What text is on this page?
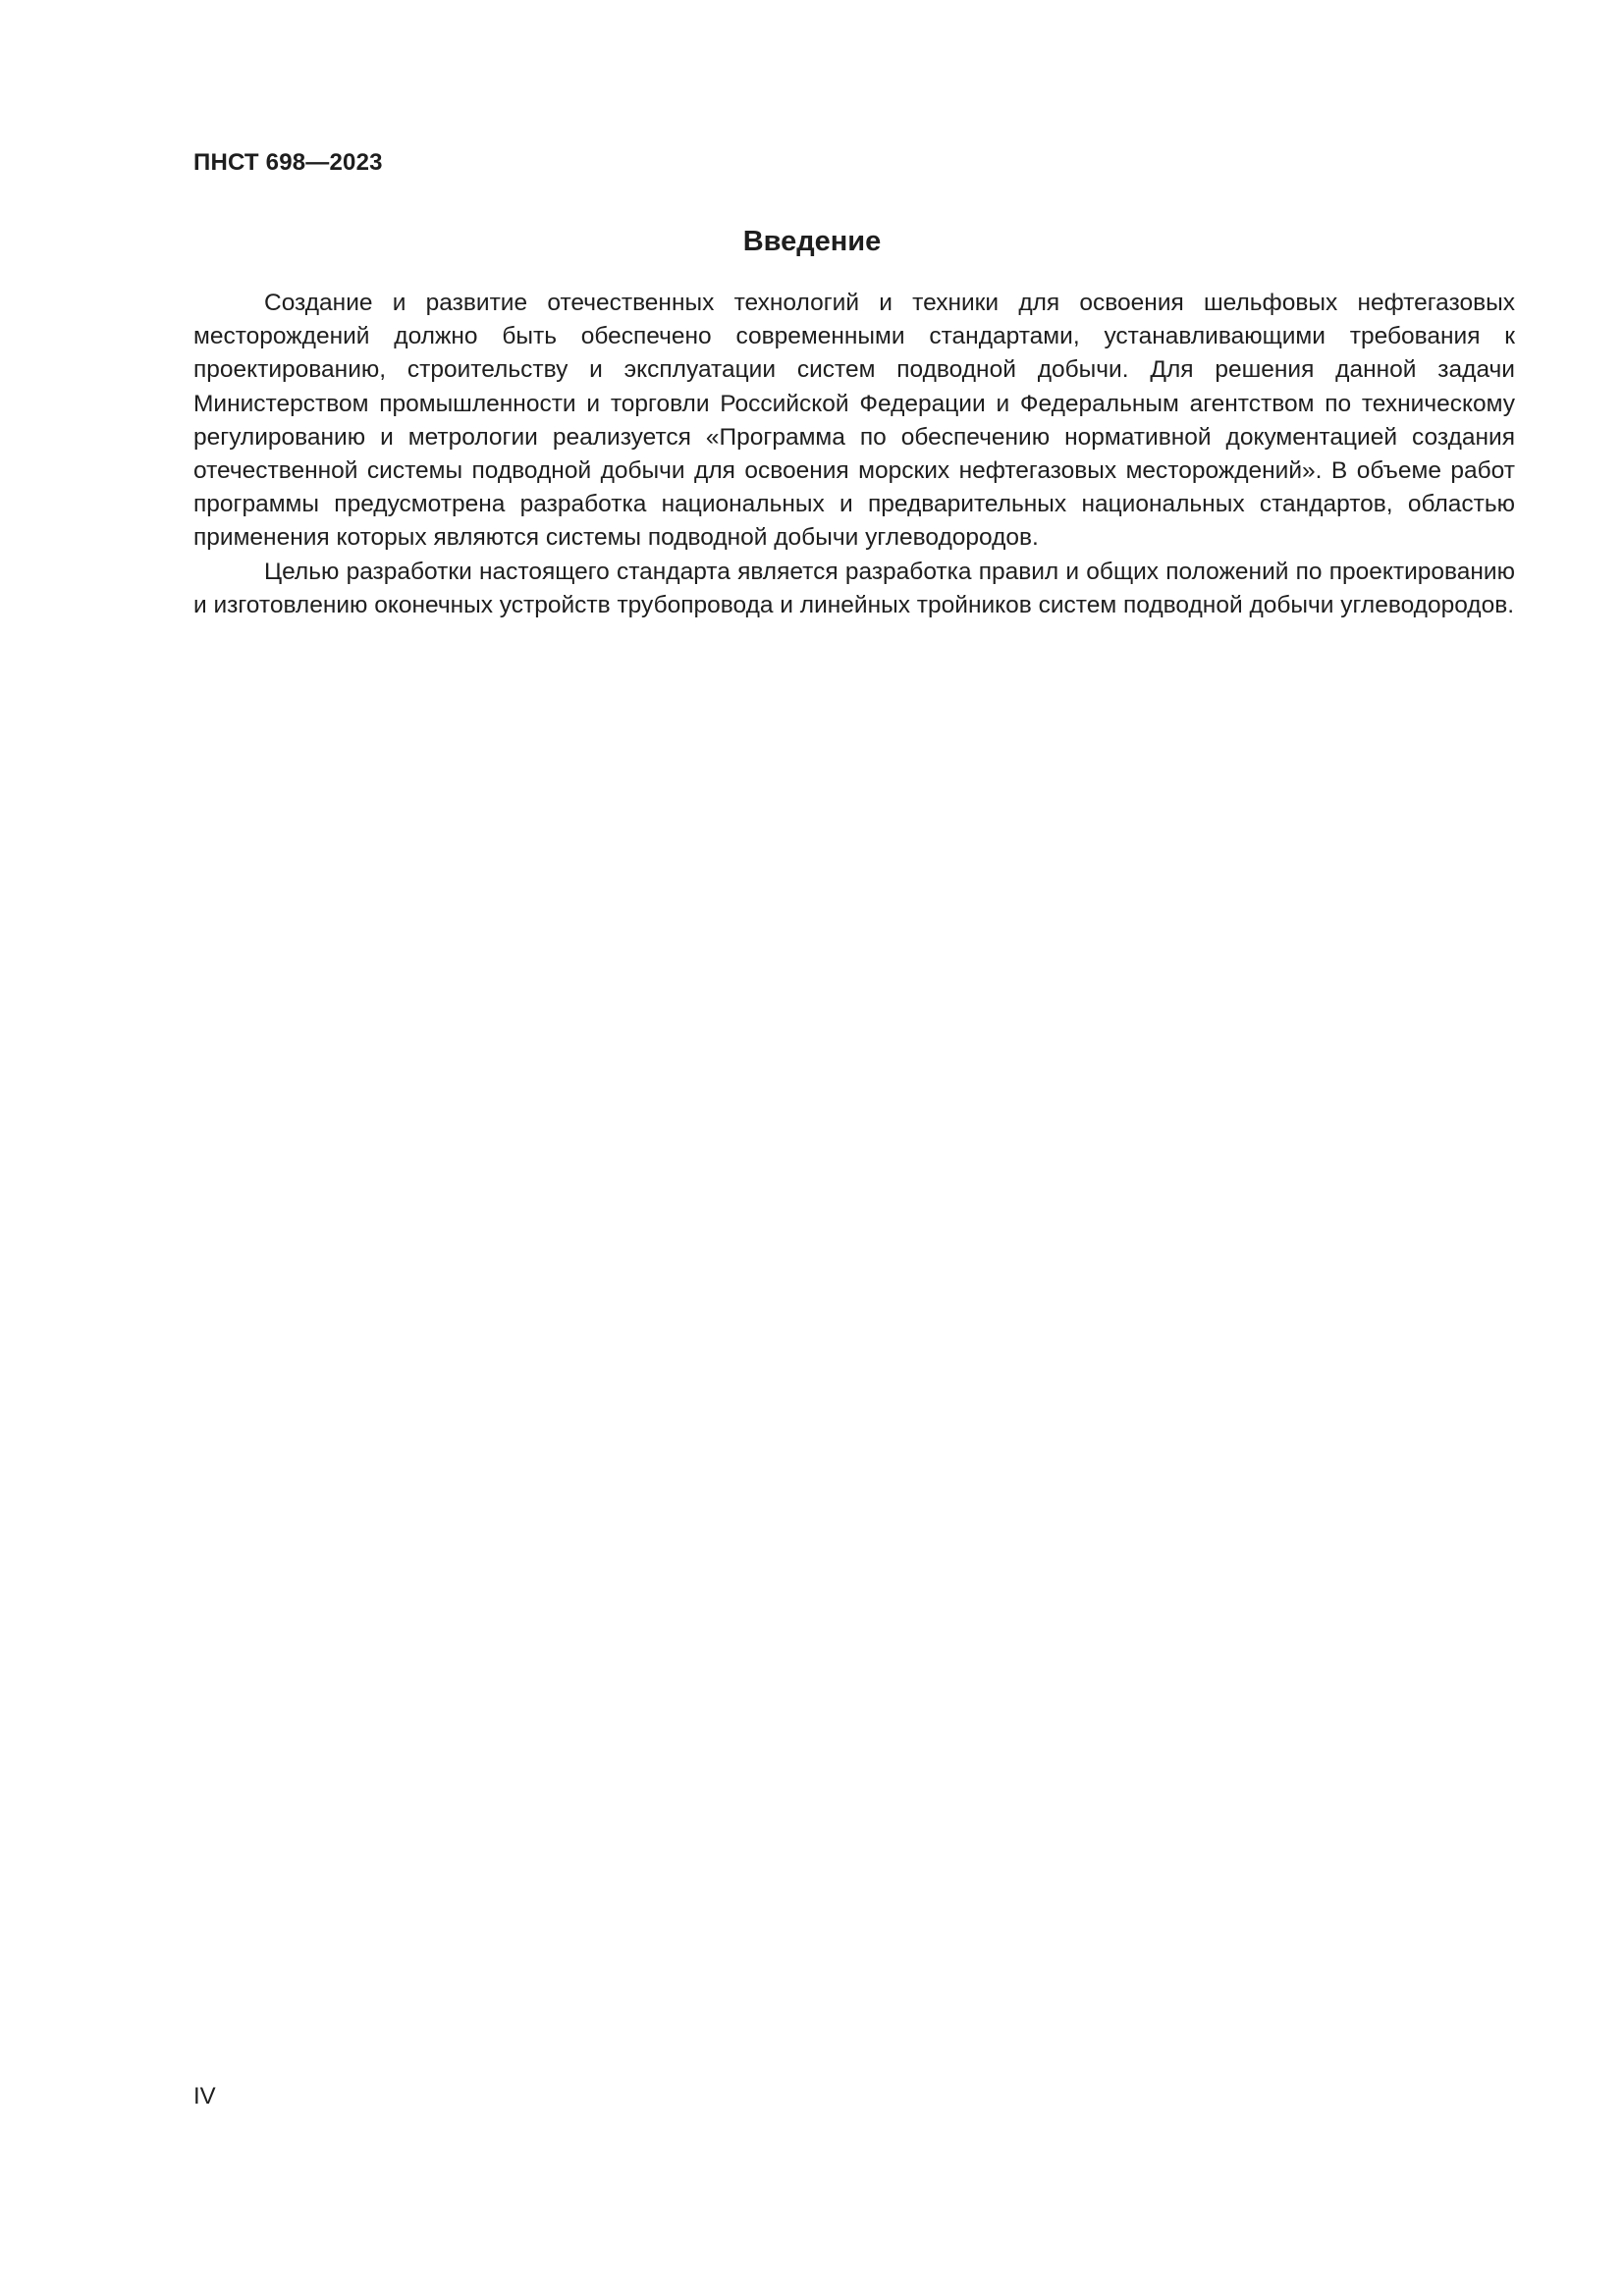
ПНСТ 698—2023
Введение

Создание и развитие отечественных технологий и техники для освоения шельфовых нефтегазовых месторождений должно быть обеспечено современными стандартами, устанавливающими требования к проектированию, строительству и эксплуатации систем подводной добычи. Для решения данной задачи Министерством промышленности и торговли Российской Федерации и Федеральным агентством по техническому регулированию и метрологии реализуется «Программа по обеспечению нормативной документацией создания отечественной системы подводной добычи для освоения морских нефтегазовых месторождений». В объеме работ программы предусмотрена разработка национальных и предварительных национальных стандартов, областью применения которых являются системы подводной добычи углеводородов.

Целью разработки настоящего стандарта является разработка правил и общих положений по проектированию и изготовлению оконечных устройств трубопровода и линейных тройников систем подводной добычи углеводородов.

IV
